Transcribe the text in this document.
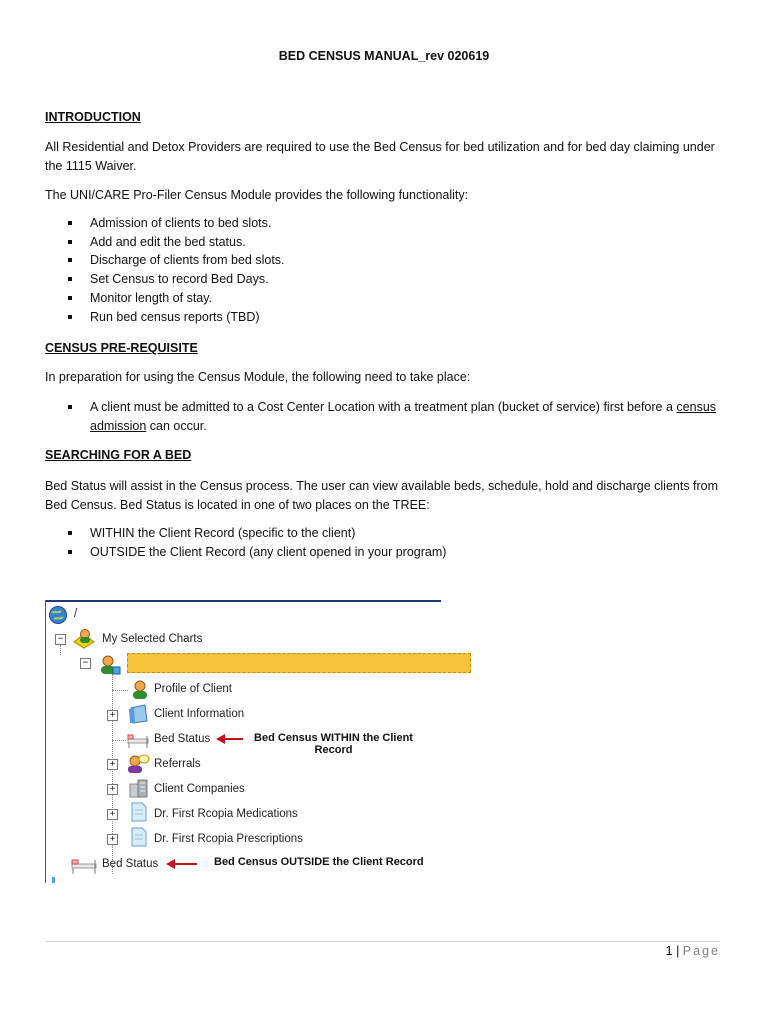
BED CENSUS MANUAL_rev 020619
INTRODUCTION
All Residential and Detox Providers are required to use the Bed Census for bed utilization and for bed day claiming under the 1115 Waiver.
The UNI/CARE Pro-Filer Census Module provides the following functionality:
Admission of clients to bed slots.
Add and edit the bed status.
Discharge of clients from bed slots.
Set Census to record Bed Days.
Monitor length of stay.
Run bed census reports (TBD)
CENSUS PRE-REQUISITE
In preparation for using the Census Module, the following need to take place:
A client must be admitted to a Cost Center Location with a treatment plan (bucket of service) first before a census admission can occur.
SEARCHING FOR A BED
Bed Status will assist in the Census process. The user can view available beds, schedule, hold and discharge clients from Bed Census. Bed Status is located in one of two places on the TREE:
WITHIN the Client Record (specific to the client)
OUTSIDE the Client Record (any client opened in your program)
/
−	My Selected Charts
−
Profile of Client
+	Client Information
Bed Status	Bed Census WITHIN the Client
Record
+	Referrals
+	Client Companies
+	Dr. First Rcopia Medications
+	Dr. First Rcopia Prescriptions
Bed Status	Bed Census OUTSIDE the Client Record
1 | Page
